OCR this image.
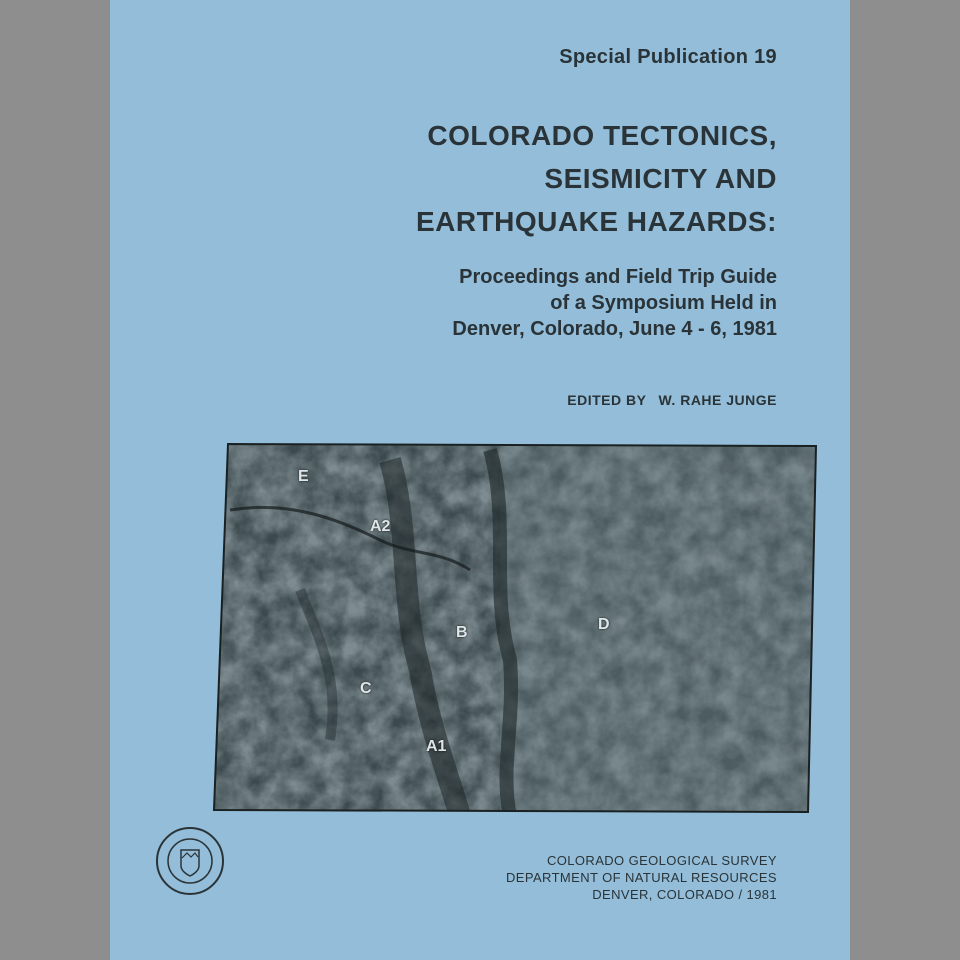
Special Publication 19
COLORADO TECTONICS,
SEISMICITY AND
EARTHQUAKE HAZARDS:
Proceedings and Field Trip Guide
of a Symposium Held in
Denver, Colorado, June 4 - 6, 1981
EDITED BY W. RAHE JUNGE
E
A2
B	D
C
A1
COLORADO GEOLOGICAL SURVEY
DEPARTMENT OF NATURAL RESOURCES
DENVER, COLORADO / 1981
